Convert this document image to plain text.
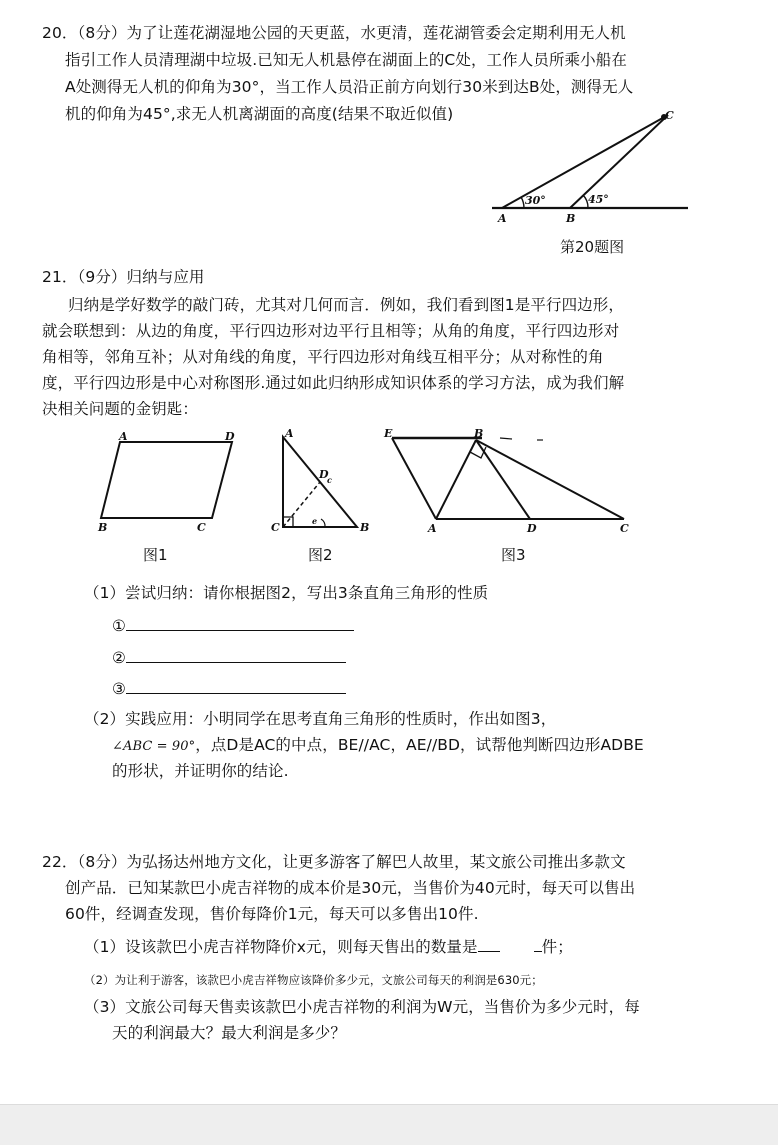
20．（8分）为了让莲花湖湿地公园的天更蓝，水更清，莲花湖管委会定期利用无人机
指引工作人员清理湖中垃圾.已知无人机悬停在湖面上的C处，工作人员所乘小船在
A处测得无人机的仰角为30°，当工作人员沿正前方向划行30米到达B处，测得无人
机的仰角为45°,求无人机离湖面的高度(结果不取近似值)
30°	45°
A	B
C
第20题图
21．（9分）归纳与应用
归纳是学好数学的敲门砖，尤其对几何而言．例如，我们看到图1是平行四边形，
就会联想到：从边的角度，平行四边形对边平行且相等；从角的角度，平行四边形对
角相等，邻角互补；从对角线的角度，平行四边形对角线互相平分；从对称性的角
度，平行四边形是中心对称图形.通过如此归纳形成知识体系的学习方法，成为我们解
决相关问题的金钥匙：
A	D
B	C
图1
A
D
c
e
C	B
图2
E	B
A	D	C
图3
（1）尝试归纳：请你根据图2，写出3条直角三角形的性质
①
②
③
（2）实践应用：小明同学在思考直角三角形的性质时，作出如图3，
∠ABC = 90°，点D是AC的中点，BE//AC，AE//BD，试帮他判断四边形ADBE
的形状，并证明你的结论.
22．（8分）为弘扬达州地方文化，让更多游客了解巴人故里，某文旅公司推出多款文
创产品．已知某款巴小虎吉祥物的成本价是30元，当售价为40元时，每天可以售出
60件，经调查发现，售价每降价1元，每天可以多售出10件.
（1）设该款巴小虎吉祥物降价x元，则每天售出的数量是	件；
（2）为让利于游客，该款巴小虎吉祥物应该降价多少元，文旅公司每天的利润是630元；
（3）文旅公司每天售卖该款巴小虎吉祥物的利润为W元，当售价为多少元时，每
天的利润最大？最大利润是多少？
